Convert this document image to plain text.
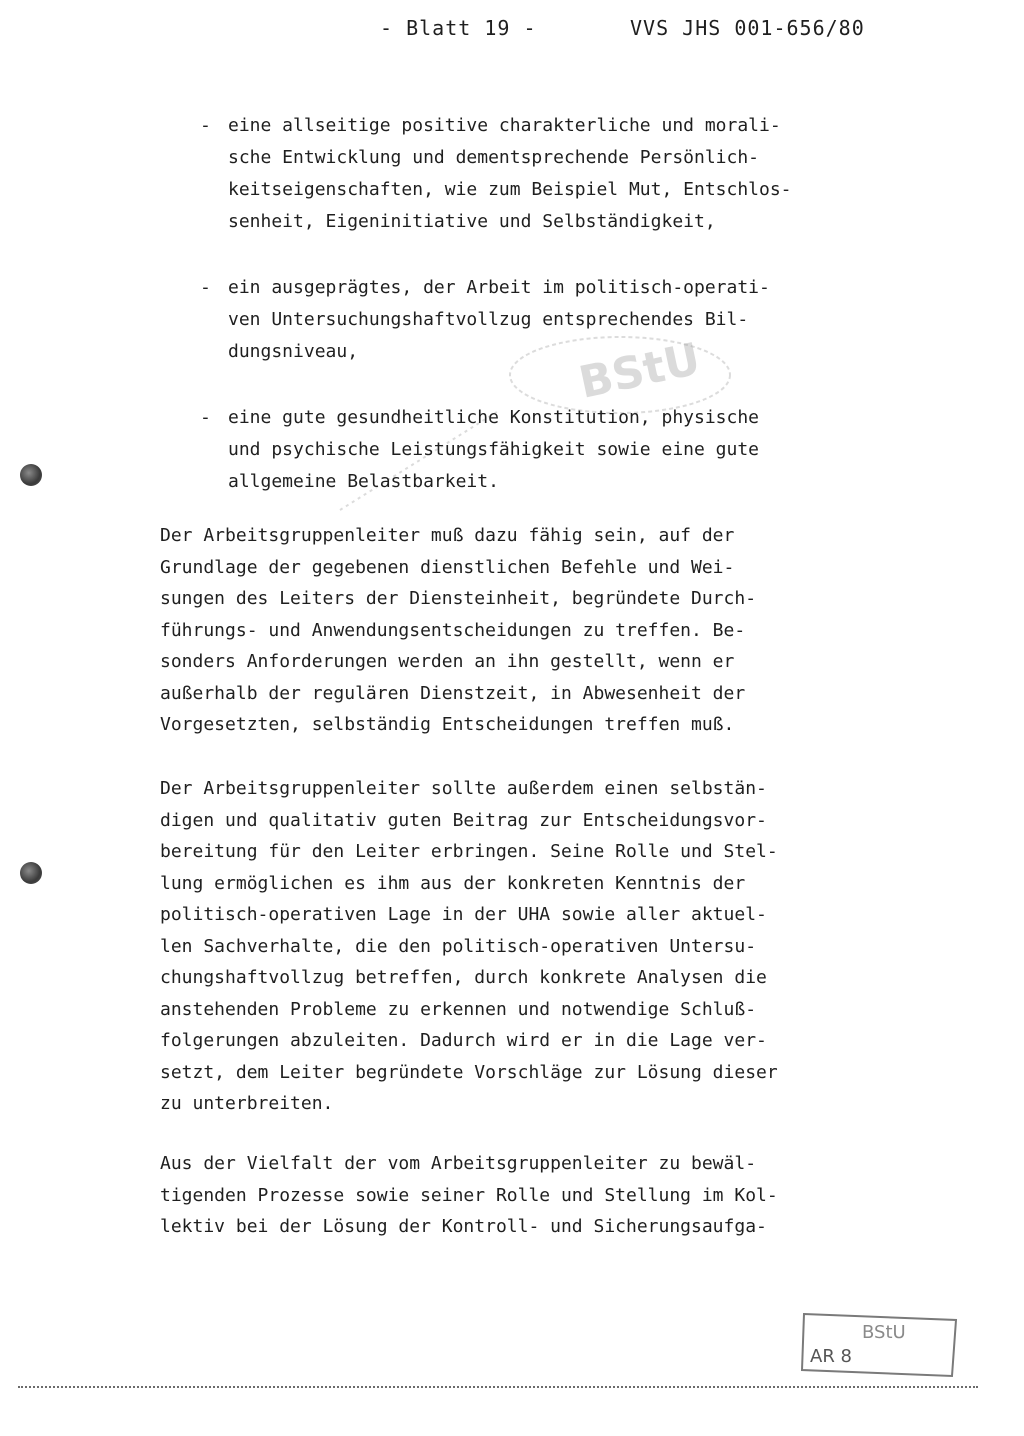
- Blatt 19 -	VVS JHS 001-656/80
BStU
- eine allseitige positive charakterliche und morali-
sche Entwicklung und dementsprechende Persönlich-
keitseigenschaften, wie zum Beispiel Mut, Entschlos-
senheit, Eigeninitiative und Selbständigkeit,
- ein ausgeprägtes, der Arbeit im politisch-operati-
ven Untersuchungshaftvollzug entsprechendes Bil-
dungsniveau,
- eine gute gesundheitliche Konstitution, physische
und psychische Leistungsfähigkeit sowie eine gute
allgemeine Belastbarkeit.
Der Arbeitsgruppenleiter muß dazu fähig sein, auf der
Grundlage der gegebenen dienstlichen Befehle und Wei-
sungen des Leiters der Diensteinheit, begründete Durch-
führungs- und Anwendungsentscheidungen zu treffen. Be-
sonders Anforderungen werden an ihn gestellt, wenn er
außerhalb der regulären Dienstzeit, in Abwesenheit der
Vorgesetzten, selbständig Entscheidungen treffen muß.
Der Arbeitsgruppenleiter sollte außerdem einen selbstän-
digen und qualitativ guten Beitrag zur Entscheidungsvor-
bereitung für den Leiter erbringen. Seine Rolle und Stel-
lung ermöglichen es ihm aus der konkreten Kenntnis der
politisch-operativen Lage in der UHA sowie aller aktuel-
len Sachverhalte, die den politisch-operativen Untersu-
chungshaftvollzug betreffen, durch konkrete Analysen die
anstehenden Probleme zu erkennen und notwendige Schluß-
folgerungen abzuleiten. Dadurch wird er in die Lage ver-
setzt, dem Leiter begründete Vorschläge zur Lösung dieser
zu unterbreiten.
Aus der Vielfalt der vom Arbeitsgruppenleiter zu bewäl-
tigenden Prozesse sowie seiner Rolle und Stellung im Kol-
lektiv bei der Lösung der Kontroll- und Sicherungsaufga-
BStU
AR 8
